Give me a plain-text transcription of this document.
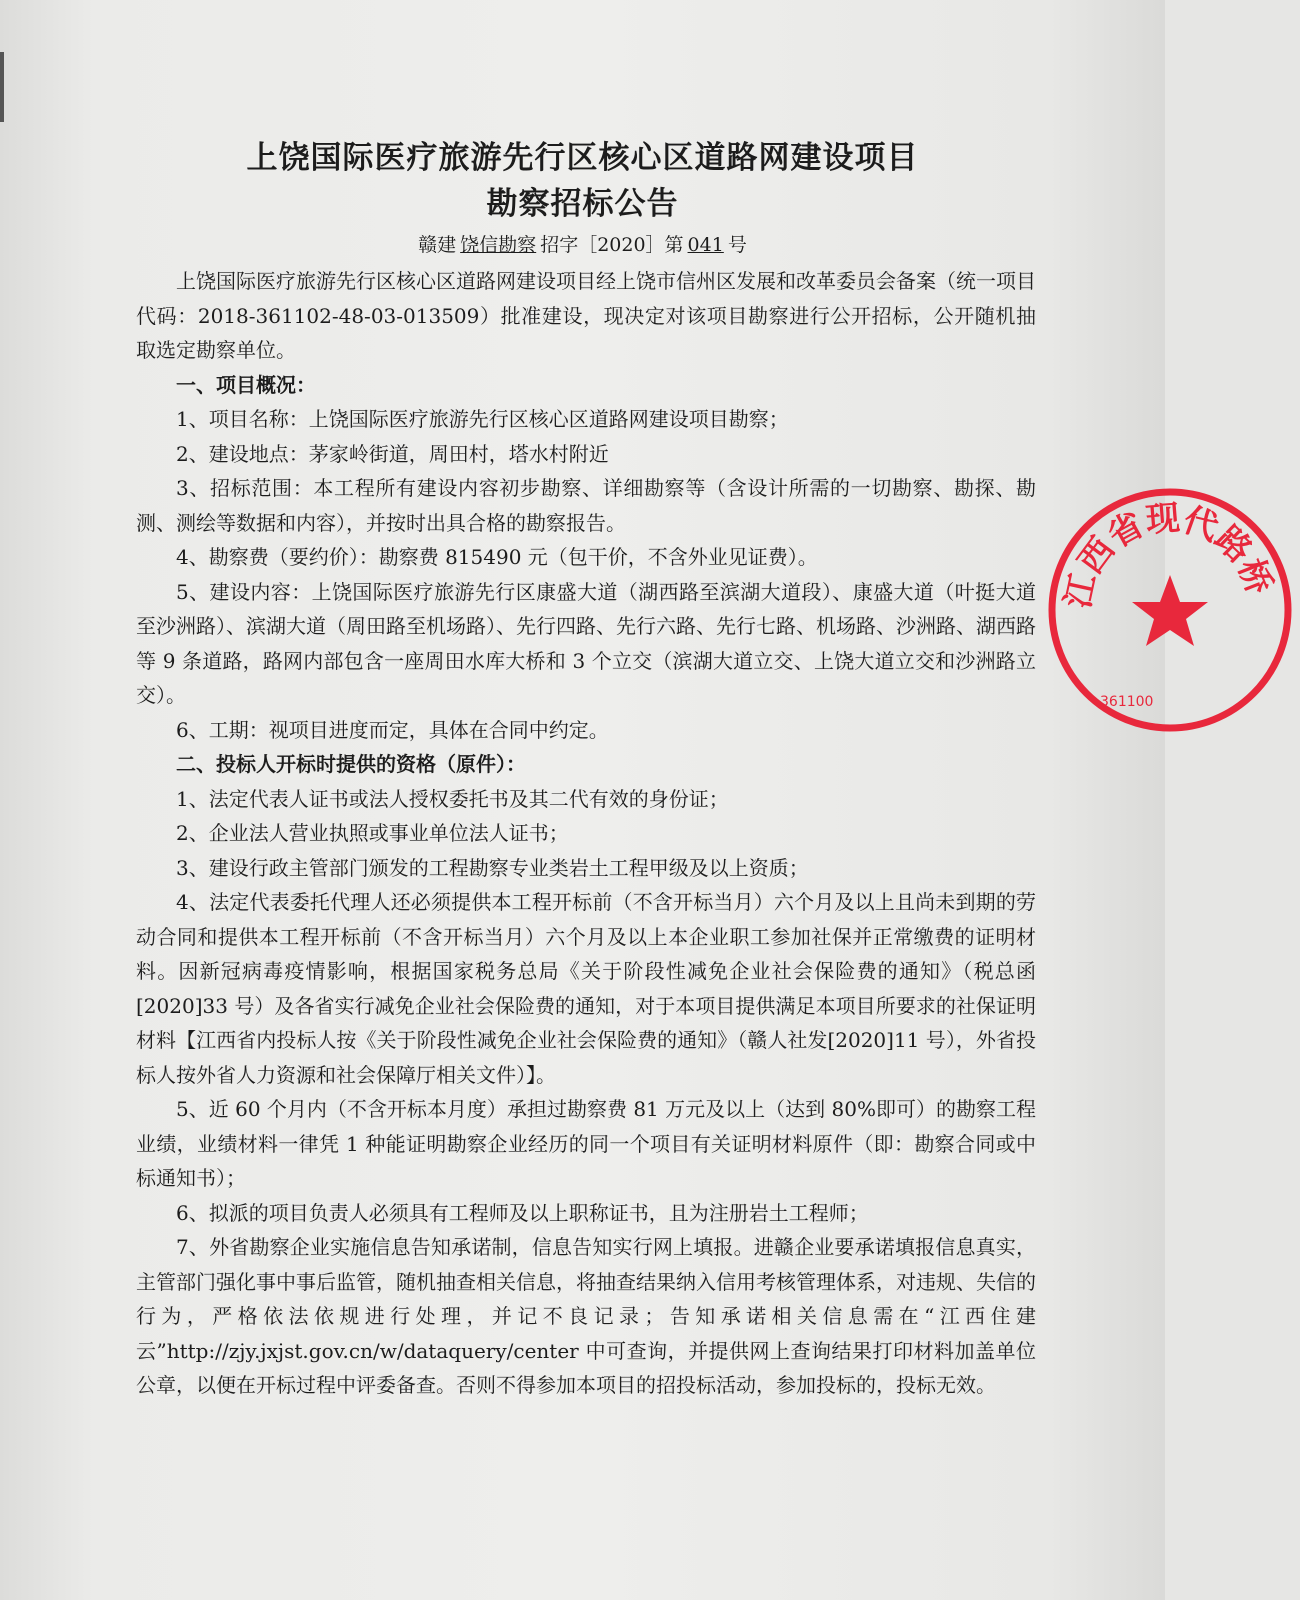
上饶国际医疗旅游先行区核心区道路网建设项目
勘察招标公告
赣建 饶信勘察 招字［2020］第 041 号

上饶国际医疗旅游先行区核心区道路网建设项目经上饶市信州区发展和改革委员会备案（统一项目代码：2018-361102-48-03-013509）批准建设，现决定对该项目勘察进行公开招标，公开随机抽取选定勘察单位。

一、项目概况：

1、项目名称：上饶国际医疗旅游先行区核心区道路网建设项目勘察；

2、建设地点：茅家岭街道，周田村，塔水村附近

3、招标范围：本工程所有建设内容初步勘察、详细勘察等（含设计所需的一切勘察、勘探、勘测、测绘等数据和内容），并按时出具合格的勘察报告。

4、勘察费（要约价）：勘察费 815490 元（包干价，不含外业见证费）。

5、建设内容：上饶国际医疗旅游先行区康盛大道（湖西路至滨湖大道段）、康盛大道（叶挺大道至沙洲路）、滨湖大道（周田路至机场路）、先行四路、先行六路、先行七路、机场路、沙洲路、湖西路等 9 条道路，路网内部包含一座周田水库大桥和 3 个立交（滨湖大道立交、上饶大道立交和沙洲路立交）。

6、工期：视项目进度而定，具体在合同中约定。

二、投标人开标时提供的资格（原件）：

1、法定代表人证书或法人授权委托书及其二代有效的身份证；

2、企业法人营业执照或事业单位法人证书；

3、建设行政主管部门颁发的工程勘察专业类岩土工程甲级及以上资质；

4、法定代表委托代理人还必须提供本工程开标前（不含开标当月）六个月及以上且尚未到期的劳动合同和提供本工程开标前（不含开标当月）六个月及以上本企业职工参加社保并正常缴费的证明材料。因新冠病毒疫情影响，根据国家税务总局《关于阶段性减免企业社会保险费的通知》（税总函[2020]33 号）及各省实行减免企业社会保险费的通知，对于本项目提供满足本项目所要求的社保证明材料【江西省内投标人按《关于阶段性减免企业社会保险费的通知》（赣人社发[2020]11 号），外省投标人按外省人力资源和社会保障厅相关文件）】。

5、近 60 个月内（不含开标本月度）承担过勘察费 81 万元及以上（达到 80%即可）的勘察工程业绩，业绩材料一律凭 1 种能证明勘察企业经历的同一个项目有关证明材料原件（即：勘察合同或中标通知书）；

6、拟派的项目负责人必须具有工程师及以上职称证书，且为注册岩土工程师；

7、外省勘察企业实施信息告知承诺制，信息告知实行网上填报。进赣企业要承诺填报信息真实，主管部门强化事中事后监管，随机抽查相关信息，将抽查结果纳入信用考核管理体系，对违规、失信的行为，严格依法依规进行处理，并记不良记录；告知承诺相关信息需在“江西住建云”http://zjy.jxjst.gov.cn/w/dataquery/center 中可查询，并提供网上查询结果打印材料加盖单位公章，以便在开标过程中评委备查。否则不得参加本项目的招投标活动，参加投标的，投标无效。

江西省现代路桥
361100
